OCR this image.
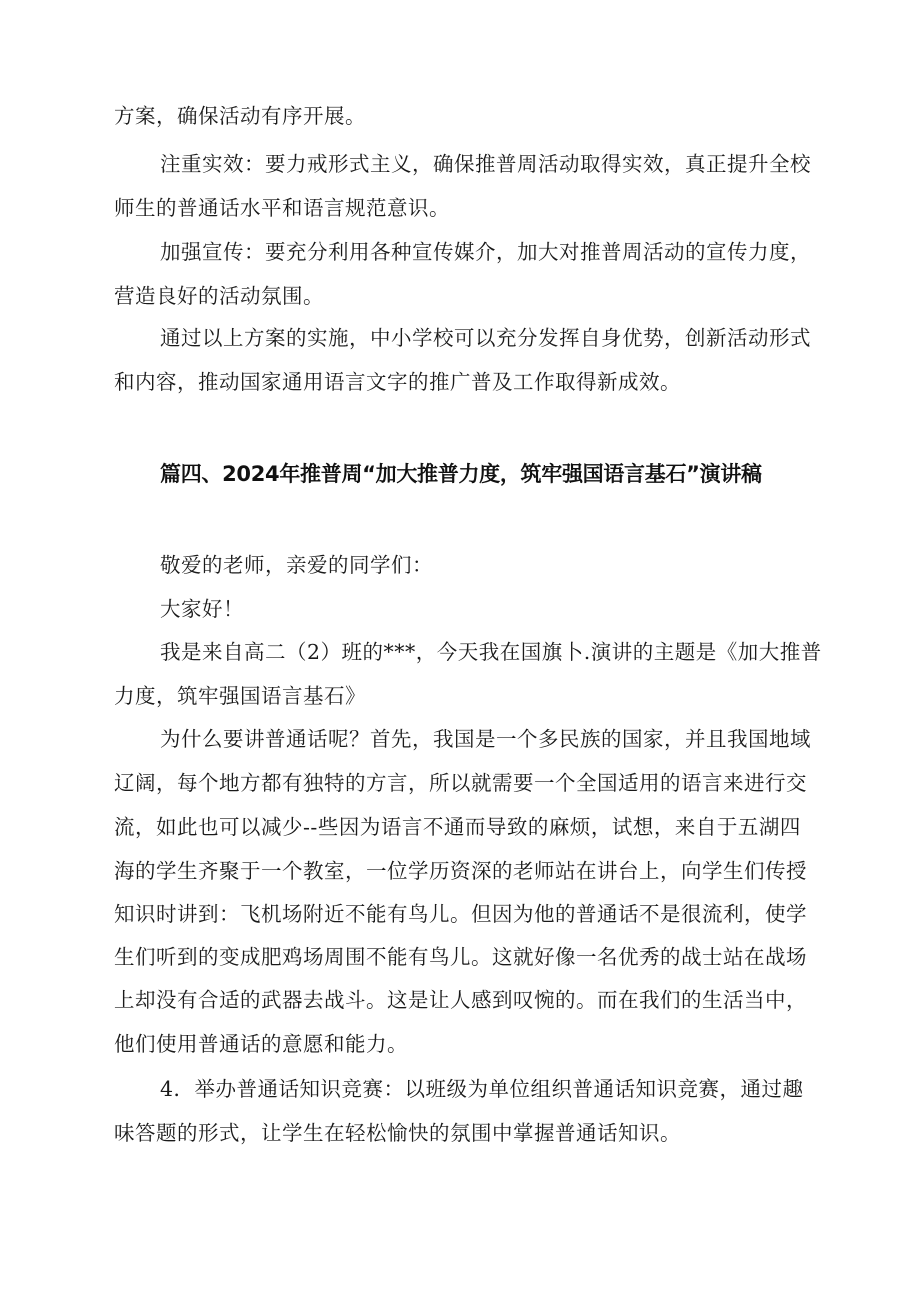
方案，确保活动有序开展。
注重实效：要力戒形式主义，确保推普周活动取得实效，真正提升全校
师生的普通话水平和语言规范意识。
加强宣传：要充分利用各种宣传媒介，加大对推普周活动的宣传力度，
营造良好的活动氛围。
通过以上方案的实施，中小学校可以充分发挥自身优势，创新活动形式
和内容，推动国家通用语言文字的推广普及工作取得新成效。
篇四、2024年推普周“加大推普力度，筑牢强国语言基石”演讲稿
敬爱的老师，亲爱的同学们：
大家好！
我是来自高二（2）班的***，今天我在国旗卜.演讲的主题是《加大推普
力度，筑牢强国语言基石》
为什么要讲普通话呢？首先，我国是一个多民族的国家，并且我国地域
辽阔，每个地方都有独特的方言，所以就需要一个全国适用的语言来进行交
流，如此也可以减少--些因为语言不通而导致的麻烦，试想，来自于五湖四
海的学生齐聚于一个教室，一位学历资深的老师站在讲台上，向学生们传授
知识时讲到：飞机场附近不能有鸟儿。但因为他的普通话不是很流利，使学
生们听到的变成肥鸡场周围不能有鸟儿。这就好像一名优秀的战士站在战场
上却没有合适的武器去战斗。这是让人感到叹惋的。而在我们的生活当中，
他们使用普通话的意愿和能力。
4．举办普通话知识竞赛：以班级为单位组织普通话知识竞赛，通过趣
味答题的形式，让学生在轻松愉快的氛围中掌握普通话知识。
